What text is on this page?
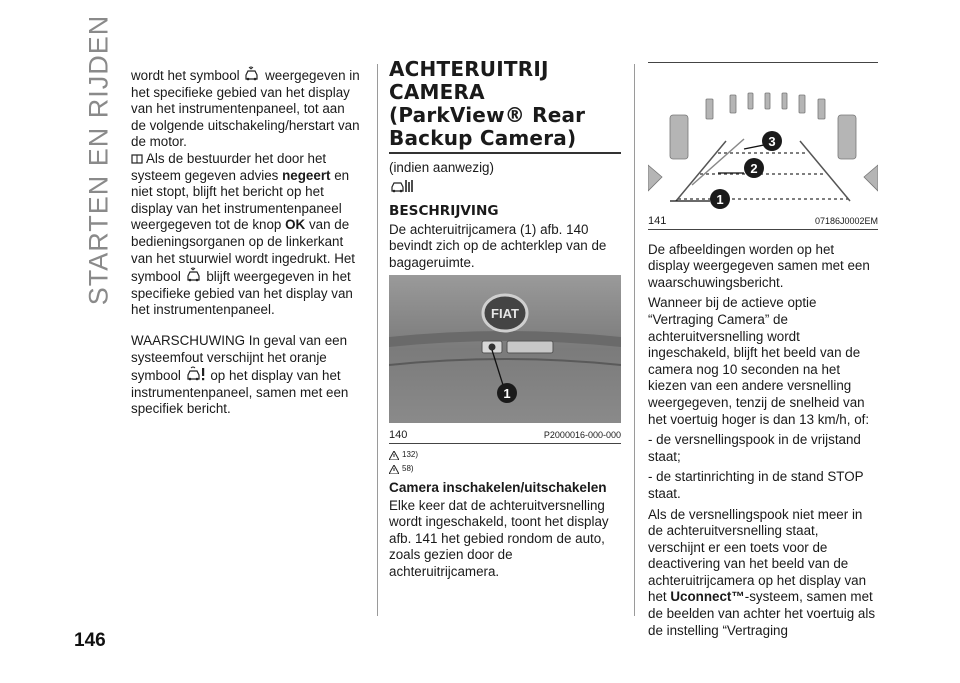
STARTEN EN RIJDEN
146

wordt het symbool weergegeven in het specifieke gebied van het display van het instrumentenpaneel, tot aan de volgende uitschakeling/herstart van de motor.

Als de bestuurder het door het systeem gegeven advies negeert en niet stopt, blijft het bericht op het display van het instrumentenpaneel weergegeven tot de knop OK van de bedieningsorganen op de linkerkant van het stuurwiel wordt ingedrukt. Het symbool blijft weergegeven in het specifieke gebied van het display van het instrumentenpaneel.

WAARSCHUWING In geval van een systeemfout verschijnt het oranje symbool op het display van het instrumentenpaneel, samen met een specifiek bericht.

ACHTERUITRIJ CAMERA (ParkView® Rear Backup Camera)

(indien aanwezig)

BESCHRIJVING

De achteruitrijcamera (1) afb. 140 bevindt zich op de achterklep van de bagageruimte.

FIAT
1
140	P2000016-000-000
132)
58)
Camera inschakelen/uitschakelen

Elke keer dat de achteruitversnelling wordt ingeschakeld, toont het display afb. 141 het gebied rondom de auto, zoals gezien door de achteruitrijcamera.

1
2
3
141	07186J0002EM

De afbeeldingen worden op het display weergegeven samen met een waarschuwingsbericht.

Wanneer bij de actieve optie “Vertraging Camera” de achteruitversnelling wordt ingeschakeld, blijft het beeld van de camera nog 10 seconden na het kiezen van een andere versnelling weergegeven, tenzij de snelheid van het voertuig hoger is dan 13 km/h, of:

- de versnellingspook in de vrijstand staat;

- de startinrichting in de stand STOP staat.

Als de versnellingspook niet meer in de achteruitversnelling staat, verschijnt er een toets voor de deactivering van het beeld van de achteruitrijcamera op het display van het Uconnect™-systeem, samen met de beelden van achter het voertuig als de instelling “Vertraging
